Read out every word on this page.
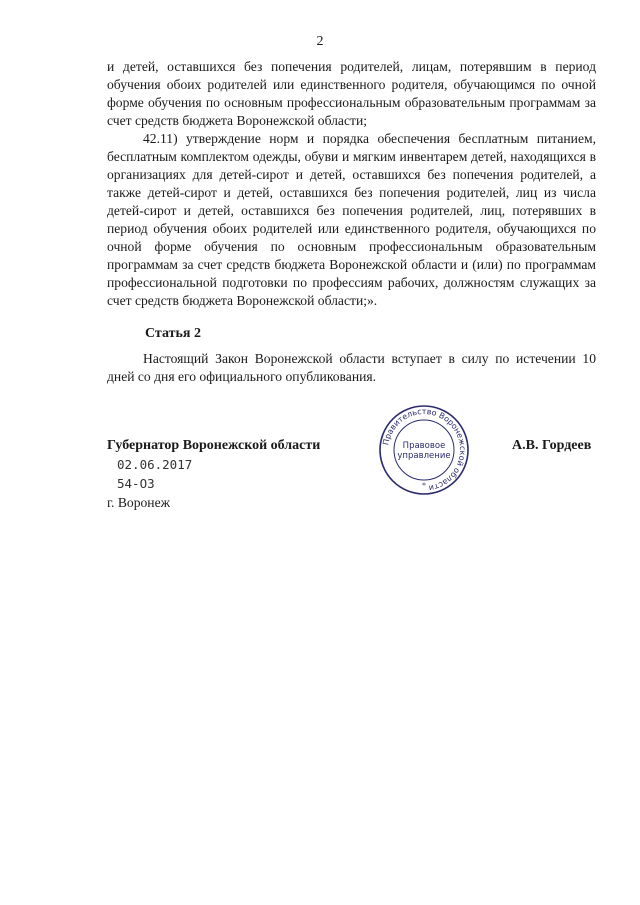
2

и детей, оставшихся без попечения родителей, лицам, потерявшим в период обучения обоих родителей или единственного родителя, обучающимся по очной форме обучения по основным профессиональным образовательным программам за счет средств бюджета Воронежской области;

42.11) утверждение норм и порядка обеспечения бесплатным питанием, бесплатным комплектом одежды, обуви и мягким инвентарем детей, находящихся в организациях для детей-сирот и детей, оставшихся без попечения родителей, а также детей-сирот и детей, оставшихся без попечения родителей, лиц из числа детей-сирот и детей, оставшихся без попечения родителей, лиц, потерявших в период обучения обоих родителей или единственного родителя, обучающихся по очной форме обучения по основным профессиональным образовательным программам за счет средств бюджета Воронежской области и (или) по программам профессиональной подготовки по профессиям рабочих, должностям служащих за счет средств бюджета Воронежской области;».

Статья 2

Настоящий Закон Воронежской области вступает в силу по истечении 10 дней со дня его официального опубликования.

Губернатор Воронежской области	Правительство Воронежской области
Правовое
управление
*
А.В. Гордеев
02.06.2017
54-ОЗ
г. Воронеж
